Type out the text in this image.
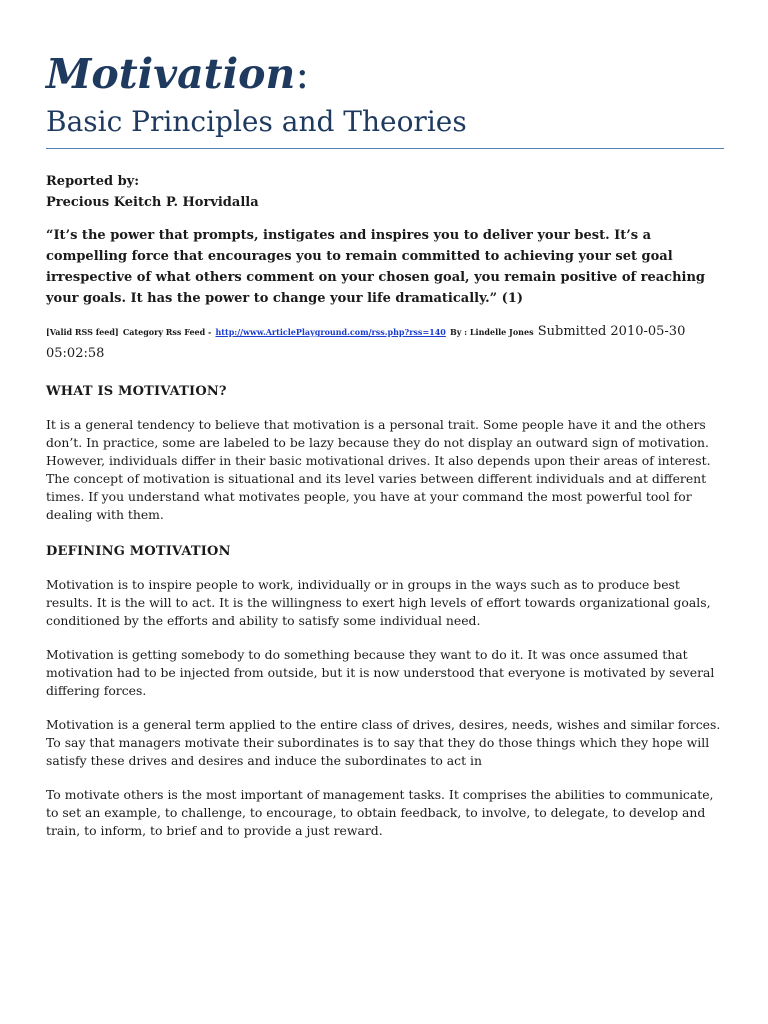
Motivation:
Basic Principles and Theories
Reported by:
Precious Keitch P. Horvidalla
“It’s the power that prompts, instigates and inspires you to deliver your best. It’s a compelling force that encourages you to remain committed to achieving your set goal irrespective of what others comment on your chosen goal, you remain positive of reaching your goals. It has the power to change your life dramatically.” (1)
[Valid RSS feed] Category Rss Feed - http://www.ArticlePlayground.com/rss.php?rss=140 By : Lindelle Jones Submitted 2010-05-30 05:02:58
WHAT IS MOTIVATION?
It is a general tendency to believe that motivation is a personal trait. Some people have it and the others don’t. In practice, some are labeled to be lazy because they do not display an outward sign of motivation. However, individuals differ in their basic motivational drives. It also depends upon their areas of interest. The concept of motivation is situational and its level varies between different individuals and at different times. If you understand what motivates people, you have at your command the most powerful tool for dealing with them.
DEFINING MOTIVATION
Motivation is to inspire people to work, individually or in groups in the ways such as to produce best results. It is the will to act. It is the willingness to exert high levels of effort towards organizational goals, conditioned by the efforts and ability to satisfy some individual need.
Motivation is getting somebody to do something because they want to do it. It was once assumed that motivation had to be injected from outside, but it is now understood that everyone is motivated by several differing forces.
Motivation is a general term applied to the entire class of drives, desires, needs, wishes and similar forces. To say that managers motivate their subordinates is to say that they do those things which they hope will satisfy these drives and desires and induce the subordinates to act in
To motivate others is the most important of management tasks. It comprises the abilities to communicate, to set an example, to challenge, to encourage, to obtain feedback, to involve, to delegate, to develop and train, to inform, to brief and to provide a just reward.
